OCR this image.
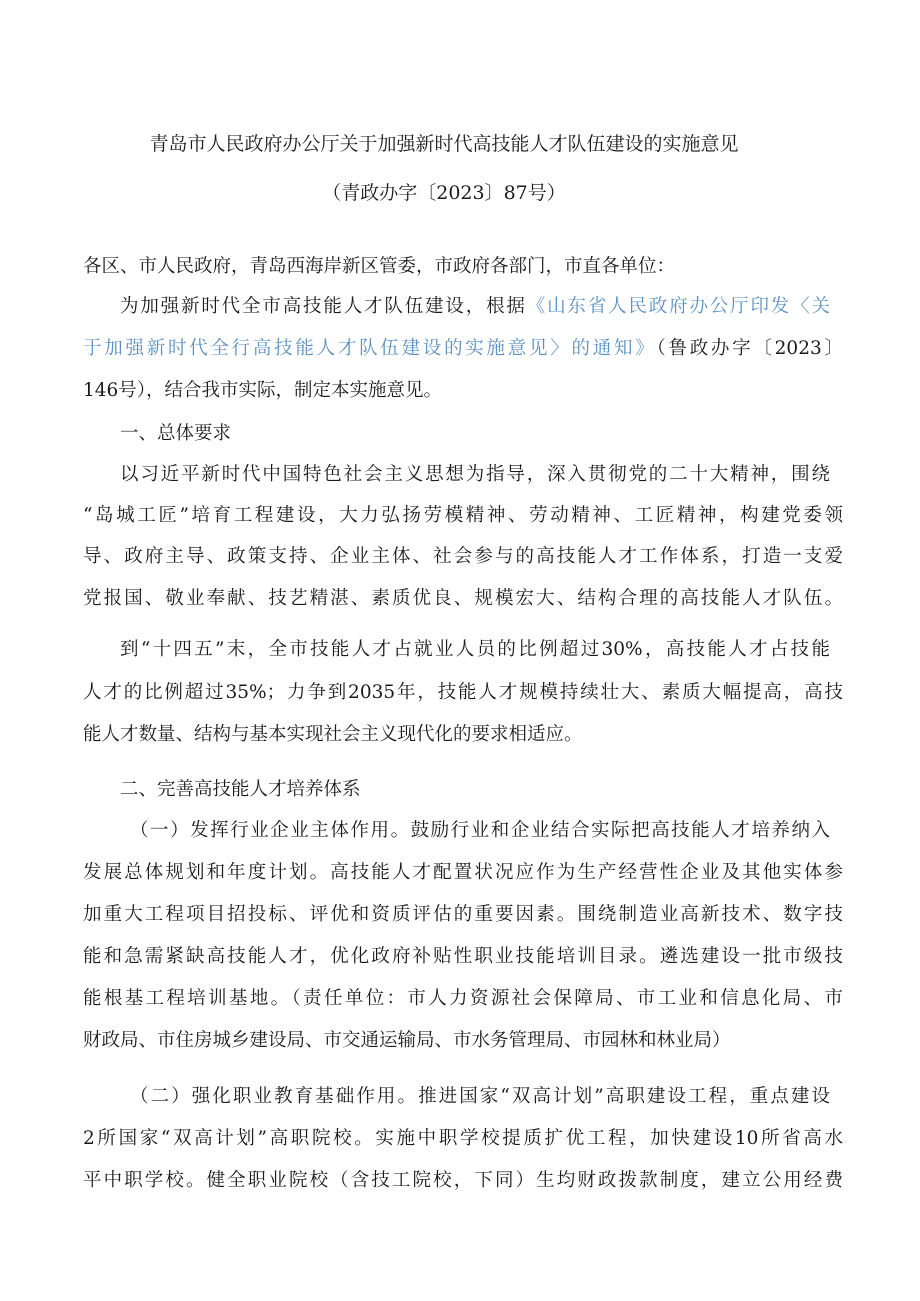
青岛市人民政府办公厅关于加强新时代高技能人才队伍建设的实施意见
（青政办字〔2023〕87号）
各区、市人民政府，青岛西海岸新区管委，市政府各部门，市直各单位：
为加强新时代全市高技能人才队伍建设，根据《山东省人民政府办公厅印发〈关
于加强新时代全行高技能人才队伍建设的实施意见〉的通知》（鲁政办字〔2023〕
146号），结合我市实际，制定本实施意见。
一、总体要求
以习近平新时代中国特色社会主义思想为指导，深入贯彻党的二十大精神，围绕
“岛城工匠”培育工程建设，大力弘扬劳模精神、劳动精神、工匠精神，构建党委领
导、政府主导、政策支持、企业主体、社会参与的高技能人才工作体系，打造一支爱
党报国、敬业奉献、技艺精湛、素质优良、规模宏大、结构合理的高技能人才队伍。
到“十四五”末，全市技能人才占就业人员的比例超过30%，高技能人才占技能
人才的比例超过35%；力争到2035年，技能人才规模持续壮大、素质大幅提高，高技
能人才数量、结构与基本实现社会主义现代化的要求相适应。
二、完善高技能人才培养体系
（一）发挥行业企业主体作用。鼓励行业和企业结合实际把高技能人才培养纳入
发展总体规划和年度计划。高技能人才配置状况应作为生产经营性企业及其他实体参
加重大工程项目招投标、评优和资质评估的重要因素。围绕制造业高新技术、数字技
能和急需紧缺高技能人才，优化政府补贴性职业技能培训目录。遴选建设一批市级技
能根基工程培训基地。（责任单位：市人力资源社会保障局、市工业和信息化局、市
财政局、市住房城乡建设局、市交通运输局、市水务管理局、市园林和林业局）
（二）强化职业教育基础作用。推进国家“双高计划”高职建设工程，重点建设
2所国家“双高计划”高职院校。实施中职学校提质扩优工程，加快建设10所省高水
平中职学校。健全职业院校（含技工院校，下同）生均财政拨款制度，建立公用经费
